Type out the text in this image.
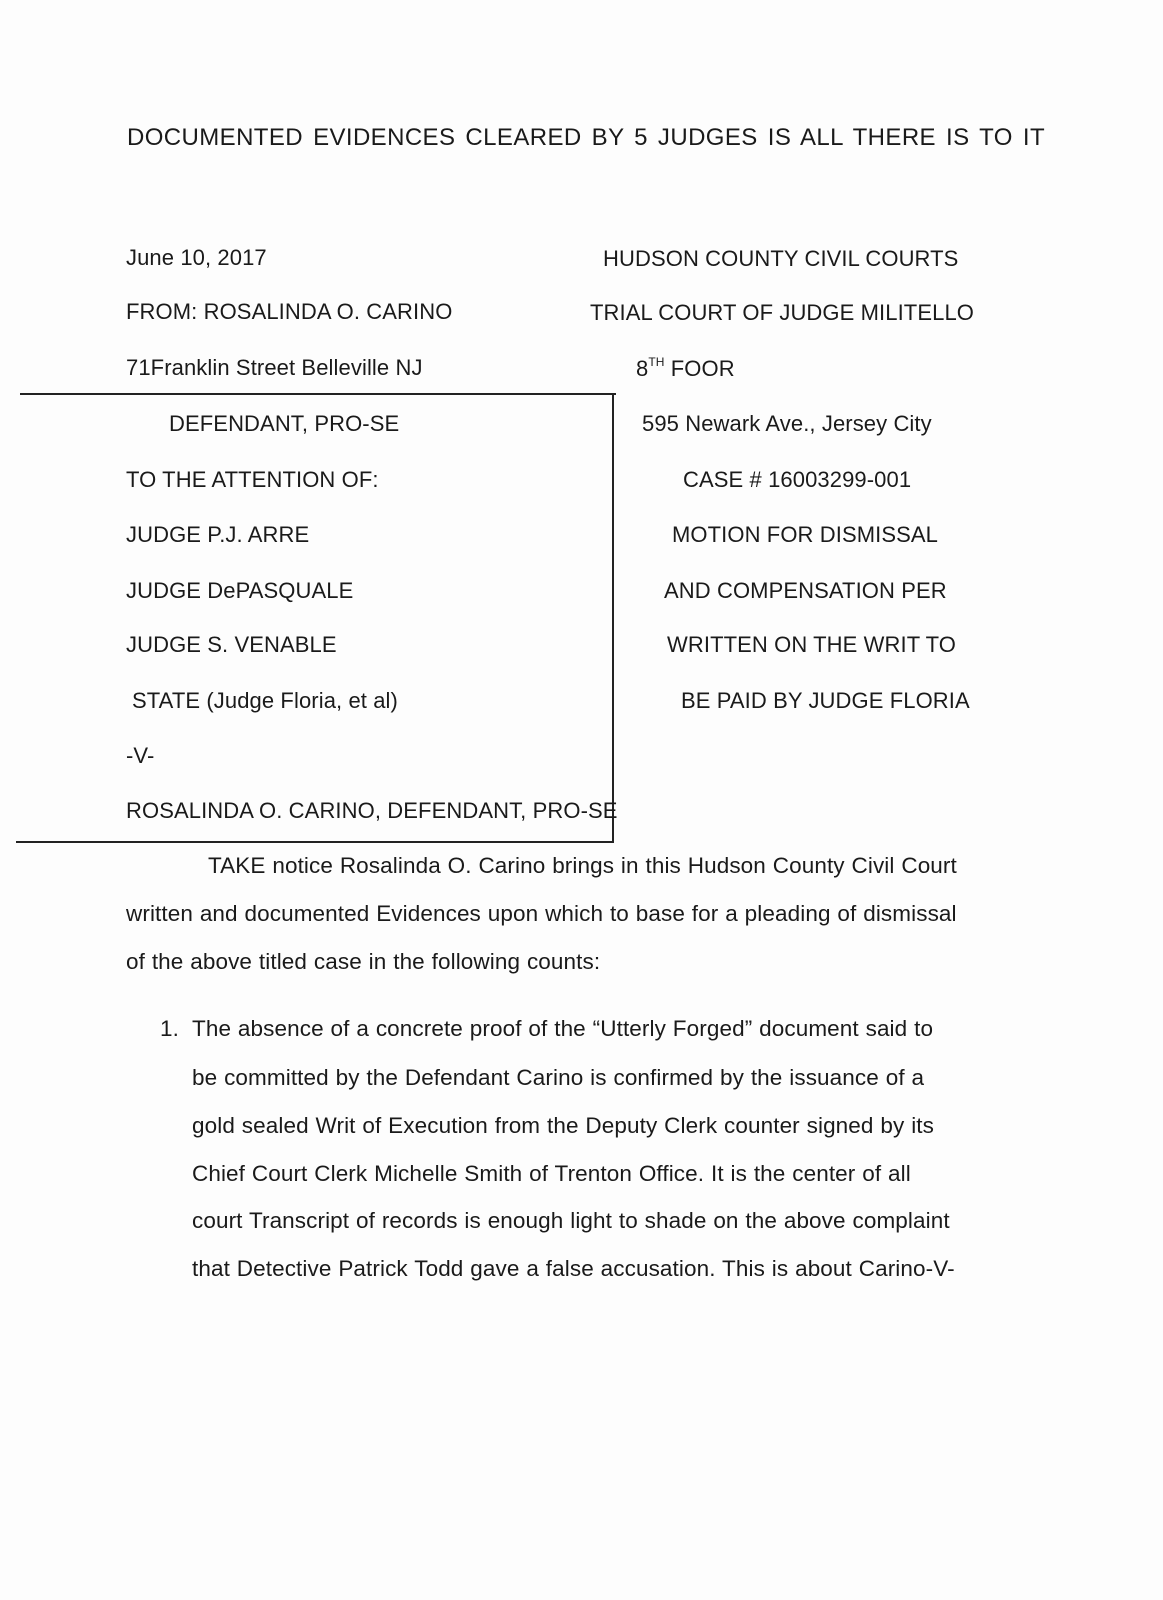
DOCUMENTED EVIDENCES CLEARED BY 5 JUDGES IS ALL THERE IS TO IT
June 10, 2017
FROM: ROSALINDA O. CARINO
71Franklin Street Belleville NJ
HUDSON COUNTY CIVIL COURTS
TRIAL COURT OF JUDGE MILITELLO
8TH FOOR
595 Newark Ave., Jersey City
CASE # 16003299-001
MOTION FOR DISMISSAL
AND COMPENSATION PER
WRITTEN ON THE WRIT TO
BE PAID BY JUDGE FLORIA
DEFENDANT, PRO-SE
TO THE ATTENTION OF:
JUDGE P.J. ARRE
JUDGE DePASQUALE
JUDGE S. VENABLE
STATE (Judge Floria, et al)
-V-
ROSALINDA O. CARINO, DEFENDANT, PRO-SE
TAKE notice Rosalinda O. Carino brings in this Hudson County Civil Court
written and documented Evidences upon which to base for a pleading of dismissal
of the above titled case in the following counts:
1. The absence of a concrete proof of the “Utterly Forged” document said to
be committed by the Defendant Carino is confirmed by the issuance of a
gold sealed Writ of Execution from the Deputy Clerk counter signed by its
Chief Court Clerk Michelle Smith of Trenton Office. It is the center of all
court Transcript of records is enough light to shade on the above complaint
that Detective Patrick Todd gave a false accusation. This is about Carino-V-
